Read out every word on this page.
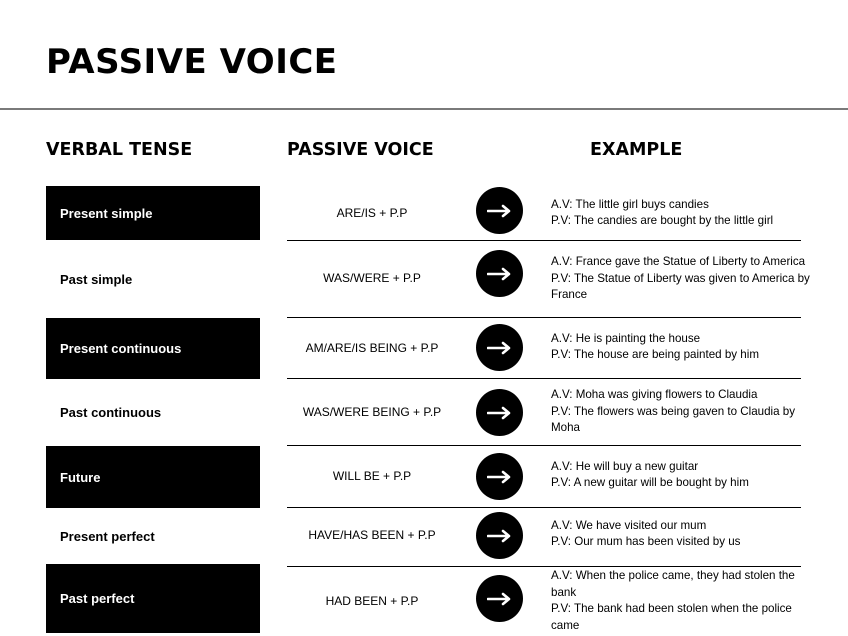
PASSIVE VOICE
VERBAL TENSE	PASSIVE VOICE	EXAMPLE
Present simple	ARE/IS + P.P
A.V: The little girl buys candies
P.V: The candies are bought by the little girl
Past simple	WAS/WERE + P.P
A.V: France gave the Statue of Liberty to America
P.V: The Statue of Liberty was given to America by France
Present continuous	AM/ARE/IS BEING + P.P
A.V: He is painting the house
P.V: The house are being painted by him
Past continuous	WAS/WERE BEING + P.P
A.V: Moha was giving flowers to Claudia
P.V: The flowers was being gaven to Claudia by Moha
Future	WILL BE + P.P
A.V: He will buy a new guitar
P.V: A new guitar will be bought by him
Present perfect	HAVE/HAS BEEN + P.P
A.V: We have visited our mum
P.V: Our mum has been visited by us
Past perfect	HAD BEEN + P.P
A.V: When the police came, they had stolen the bank
P.V: The bank had been stolen when the police came
